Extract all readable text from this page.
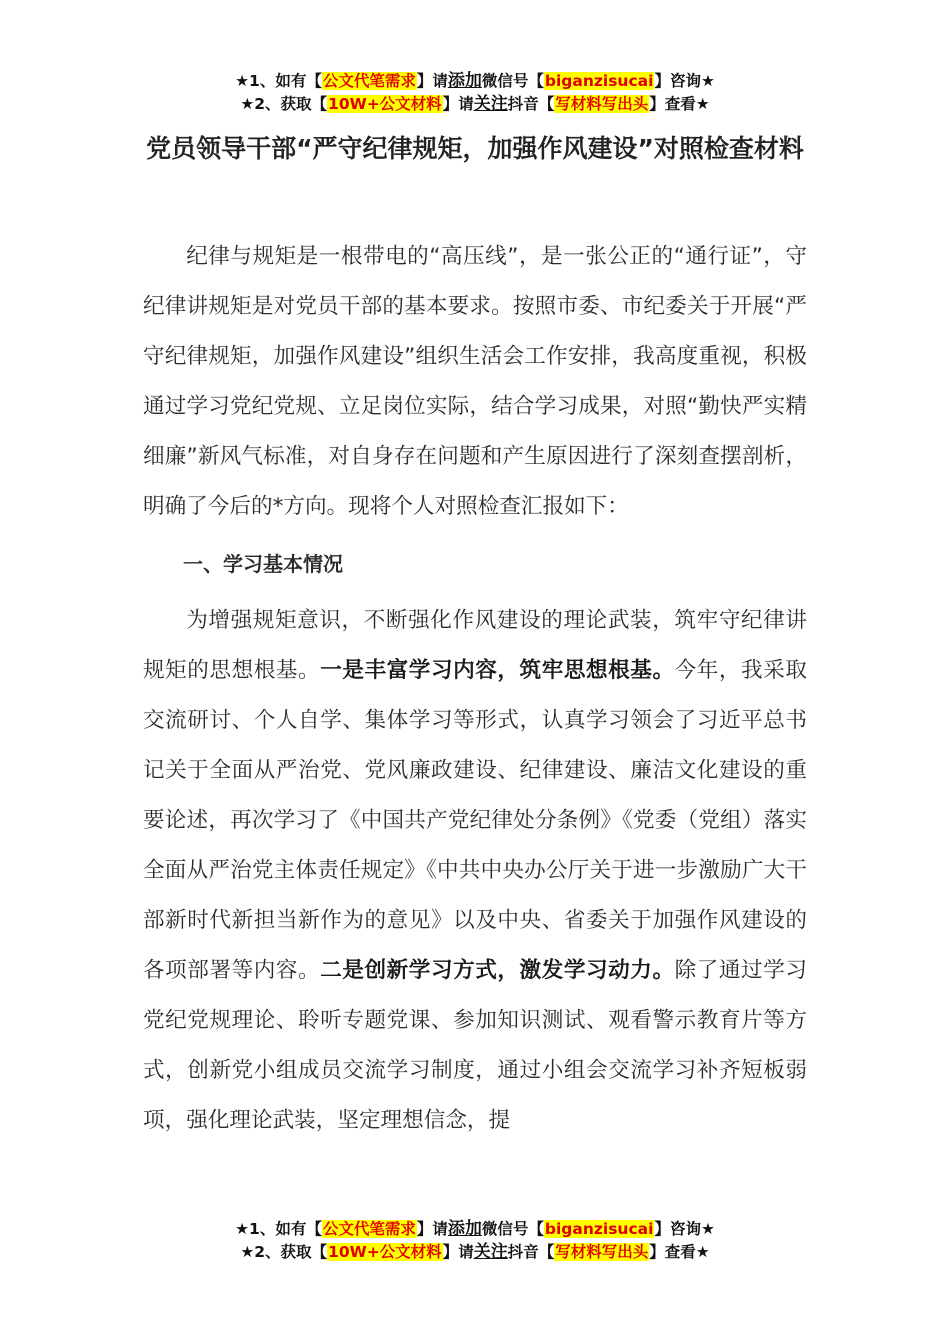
★1、如有【公文代笔需求】请添加微信号【biganzisucai】咨询★
★2、获取【10W+公文材料】请关注抖音【写材料写出头】查看★
党员领导干部“严守纪律规矩，加强作风建设”对照检查材料

纪律与规矩是一根带电的“高压线”，是一张公正的“通行证”，守纪律讲规矩是对党员干部的基本要求。按照市委、市纪委关于开展“严守纪律规矩，加强作风建设”组织生活会工作安排，我高度重视，积极通过学习党纪党规、立足岗位实际，结合学习成果，对照“勤快严实精细廉”新风气标准，对自身存在问题和产生原因进行了深刻查摆剖析，明确了今后的*方向。现将个人对照检查汇报如下：

一、学习基本情况

为增强规矩意识，不断强化作风建设的理论武装，筑牢守纪律讲规矩的思想根基。一是丰富学习内容，筑牢思想根基。今年，我采取交流研讨、个人自学、集体学习等形式，认真学习领会了习近平总书记关于全面从严治党、党风廉政建设、纪律建设、廉洁文化建设的重要论述，再次学习了《中国共产党纪律处分条例》《党委（党组）落实全面从严治党主体责任规定》《中共中央办公厅关于进一步激励广大干部新时代新担当新作为的意见》以及中央、省委关于加强作风建设的各项部署等内容。二是创新学习方式，激发学习动力。除了通过学习党纪党规理论、聆听专题党课、参加知识测试、观看警示教育片等方式，创新党小组成员交流学习制度，通过小组会交流学习补齐短板弱项，强化理论武装，坚定理想信念，提

★1、如有【公文代笔需求】请添加微信号【biganzisucai】咨询★
★2、获取【10W+公文材料】请关注抖音【写材料写出头】查看★
